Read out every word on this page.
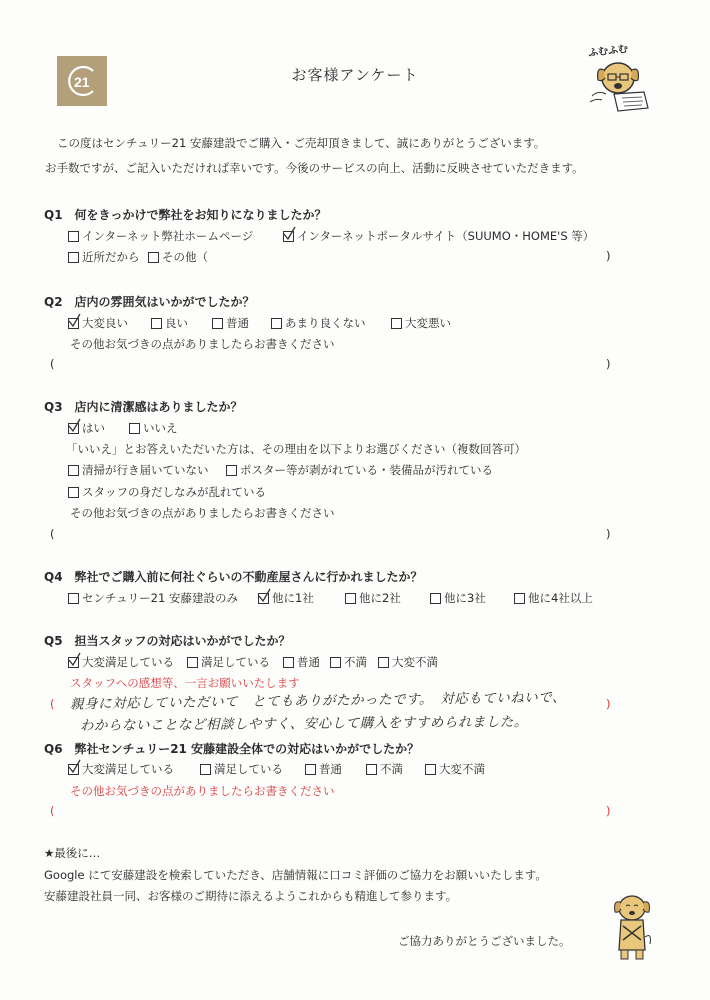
21	お客様アンケート
ふむふむ
この度はセンチュリー21 安藤建設でご購入・ご売却頂きまして、誠にありがとうございます。
お手数ですが、ご記入いただければ幸いです。今後のサービスの向上、活動に反映させていただきます。
Q1　何をきっかけで弊社をお知りになりましたか？
インターネット弊社ホームページ	インターネットポータルサイト（SUUMO・HOME'S 等）
近所だから その他（	)
Q2　店内の雰囲気はいかがでしたか？
大変良い	良い	普通	あまり良くない	大変悪い
その他お気づきの点がありましたらお書きください
(	)
Q3　店内に清潔感はありましたか？
はい	いいえ
「いいえ」とお答えいただいた方は、その理由を以下よりお選びください（複数回答可）
清掃が行き届いていない	ポスター等が剥がれている・装備品が汚れている
スタッフの身だしなみが乱れている
その他お気づきの点がありましたらお書きください
(	)
Q4　弊社でご購入前に何社ぐらいの不動産屋さんに行かれましたか？
センチュリー21 安藤建設のみ	他に1社	他に2社	他に3社	他に4社以上
Q5　担当スタッフの対応はいかがでしたか？
大変満足している 満足している 普通 不満 大変不満
スタッフへの感想等、一言お願いいたします
(	)
親身に対応していただいて　とてもありがたかったです。　対応もていねいで、
わからないことなど相談しやすく、安心して購入をすすめられました。
Q6　弊社センチュリー21 安藤建設全体での対応はいかがでしたか？
大変満足している	満足している	普通	不満	大変不満
その他お気づきの点がありましたらお書きください
(	)
★最後に…
Google にて安藤建設を検索していただき、店舗情報に口コミ評価のご協力をお願いいたします。
安藤建設社員一同、お客様のご期待に添えるようこれからも精進して参ります。
ご協力ありがとうございました。
